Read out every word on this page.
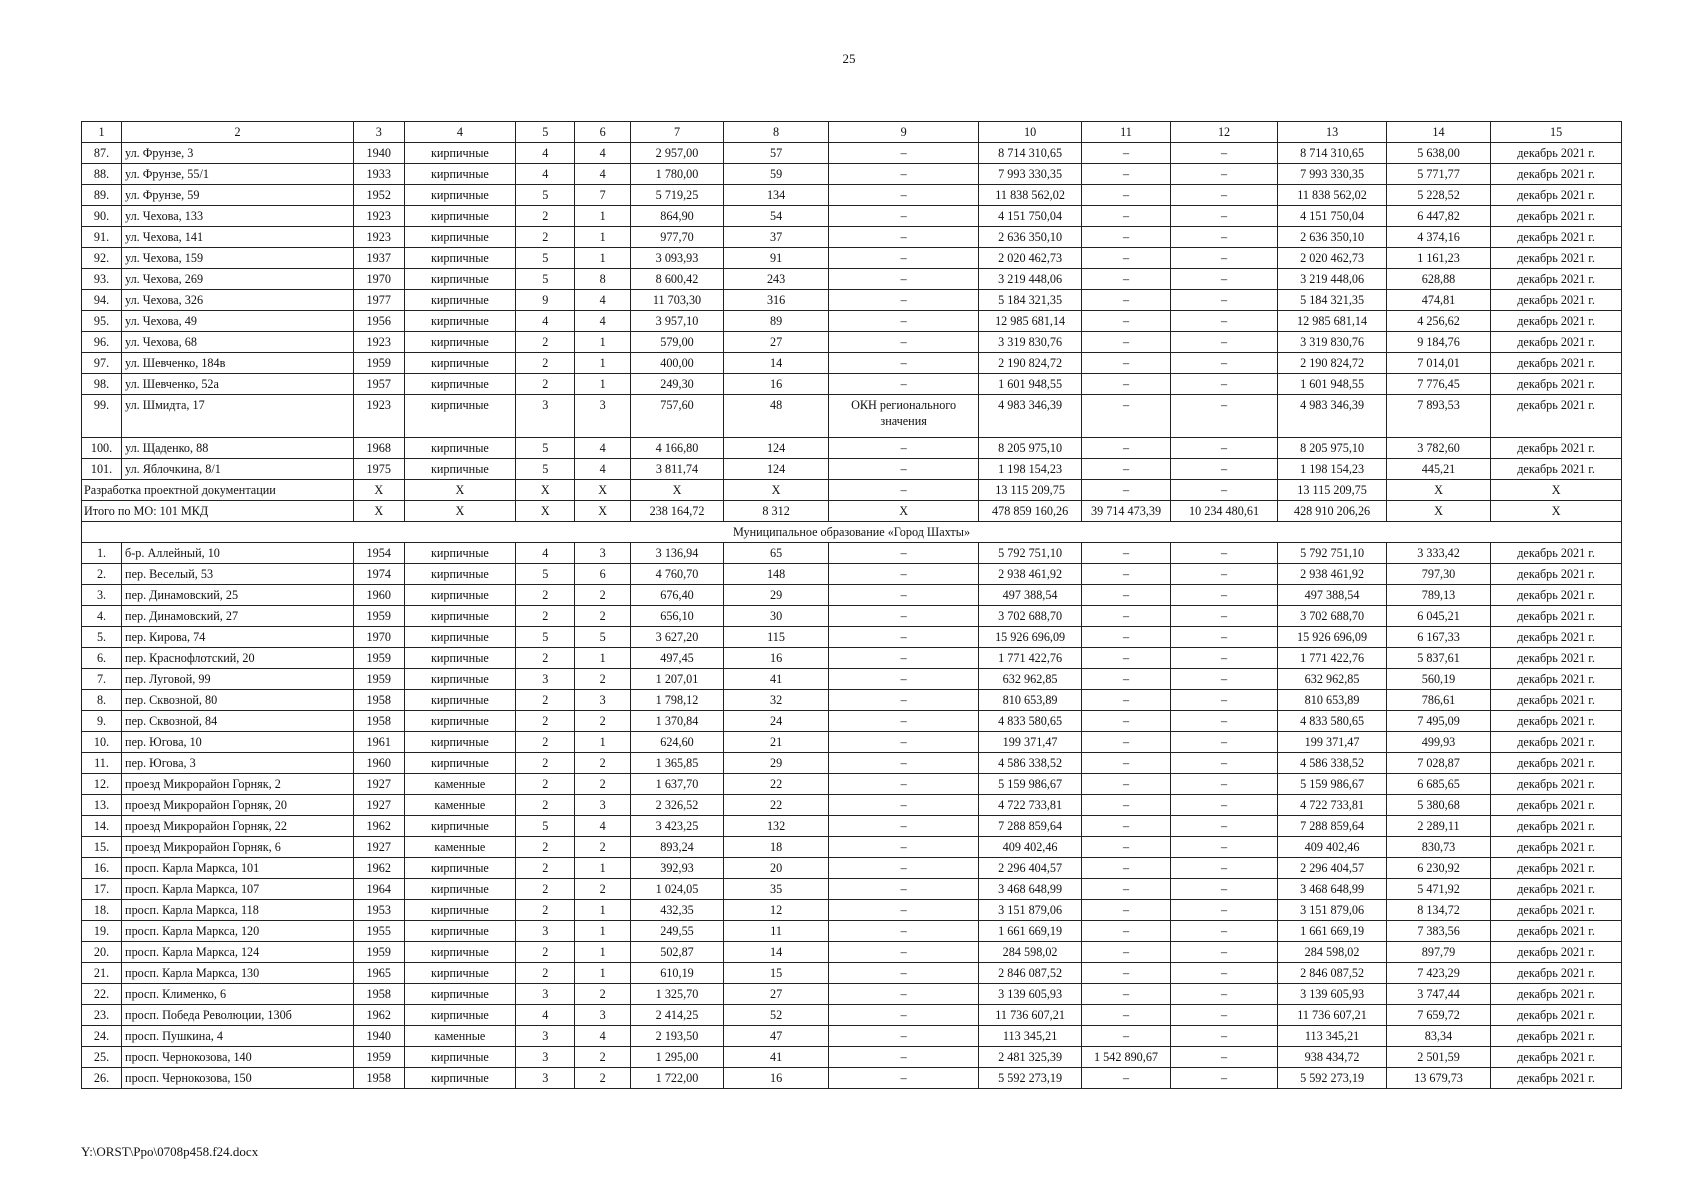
25
1	2	3	4	5	6	7	8	9	10	11	12	13	14	15
87.	ул. Фрунзе, 3	1940	кирпичные	4	4	2 957,00	57	–	8 714 310,65	–	–	8 714 310,65	5 638,00	декабрь 2021 г.
88.	ул. Фрунзе, 55/1	1933	кирпичные	4	4	1 780,00	59	–	7 993 330,35	–	–	7 993 330,35	5 771,77	декабрь 2021 г.
89.	ул. Фрунзе, 59	1952	кирпичные	5	7	5 719,25	134	–	11 838 562,02	–	–	11 838 562,02	5 228,52	декабрь 2021 г.
90.	ул. Чехова, 133	1923	кирпичные	2	1	864,90	54	–	4 151 750,04	–	–	4 151 750,04	6 447,82	декабрь 2021 г.
91.	ул. Чехова, 141	1923	кирпичные	2	1	977,70	37	–	2 636 350,10	–	–	2 636 350,10	4 374,16	декабрь 2021 г.
92.	ул. Чехова, 159	1937	кирпичные	5	1	3 093,93	91	–	2 020 462,73	–	–	2 020 462,73	1 161,23	декабрь 2021 г.
93.	ул. Чехова, 269	1970	кирпичные	5	8	8 600,42	243	–	3 219 448,06	–	–	3 219 448,06	628,88	декабрь 2021 г.
94.	ул. Чехова, 326	1977	кирпичные	9	4	11 703,30	316	–	5 184 321,35	–	–	5 184 321,35	474,81	декабрь 2021 г.
95.	ул. Чехова, 49	1956	кирпичные	4	4	3 957,10	89	–	12 985 681,14	–	–	12 985 681,14	4 256,62	декабрь 2021 г.
96.	ул. Чехова, 68	1923	кирпичные	2	1	579,00	27	–	3 319 830,76	–	–	3 319 830,76	9 184,76	декабрь 2021 г.
97.	ул. Шевченко, 184в	1959	кирпичные	2	1	400,00	14	–	2 190 824,72	–	–	2 190 824,72	7 014,01	декабрь 2021 г.
98.	ул. Шевченко, 52а	1957	кирпичные	2	1	249,30	16	–	1 601 948,55	–	–	1 601 948,55	7 776,45	декабрь 2021 г.
99.	ул. Шмидта, 17	1923	кирпичные	3	3	757,60	48	ОКН регионального значения	4 983 346,39	–	–	4 983 346,39	7 893,53	декабрь 2021 г.
100.	ул. Щаденко, 88	1968	кирпичные	5	4	4 166,80	124	–	8 205 975,10	–	–	8 205 975,10	3 782,60	декабрь 2021 г.
101.	ул. Яблочкина, 8/1	1975	кирпичные	5	4	3 811,74	124	–	1 198 154,23	–	–	1 198 154,23	445,21	декабрь 2021 г.
Разработка проектной документации		Х	Х	Х	Х	Х	Х	–	13 115 209,75	–	–	13 115 209,75	Х	Х
Итого по МО: 101 МКД		Х	Х	Х	Х	238 164,72	8 312	Х	478 859 160,26	39 714 473,39	10 234 480,61	428 910 206,26	Х	Х
Муниципальное образование «Город Шахты»														
1.	б-р. Аллейный, 10	1954	кирпичные	4	3	3 136,94	65	–	5 792 751,10	–	–	5 792 751,10	3 333,42	декабрь 2021 г.
2.	пер. Веселый, 53	1974	кирпичные	5	6	4 760,70	148	–	2 938 461,92	–	–	2 938 461,92	797,30	декабрь 2021 г.
3.	пер. Динамовский, 25	1960	кирпичные	2	2	676,40	29	–	497 388,54	–	–	497 388,54	789,13	декабрь 2021 г.
4.	пер. Динамовский, 27	1959	кирпичные	2	2	656,10	30	–	3 702 688,70	–	–	3 702 688,70	6 045,21	декабрь 2021 г.
5.	пер. Кирова, 74	1970	кирпичные	5	5	3 627,20	115	–	15 926 696,09	–	–	15 926 696,09	6 167,33	декабрь 2021 г.
6.	пер. Краснофлотский, 20	1959	кирпичные	2	1	497,45	16	–	1 771 422,76	–	–	1 771 422,76	5 837,61	декабрь 2021 г.
7.	пер. Луговой, 99	1959	кирпичные	3	2	1 207,01	41	–	632 962,85	–	–	632 962,85	560,19	декабрь 2021 г.
8.	пер. Сквозной, 80	1958	кирпичные	2	3	1 798,12	32	–	810 653,89	–	–	810 653,89	786,61	декабрь 2021 г.
9.	пер. Сквозной, 84	1958	кирпичные	2	2	1 370,84	24	–	4 833 580,65	–	–	4 833 580,65	7 495,09	декабрь 2021 г.
10.	пер. Югова, 10	1961	кирпичные	2	1	624,60	21	–	199 371,47	–	–	199 371,47	499,93	декабрь 2021 г.
11.	пер. Югова, 3	1960	кирпичные	2	2	1 365,85	29	–	4 586 338,52	–	–	4 586 338,52	7 028,87	декабрь 2021 г.
12.	проезд Микрорайон Горняк, 2	1927	каменные	2	2	1 637,70	22	–	5 159 986,67	–	–	5 159 986,67	6 685,65	декабрь 2021 г.
13.	проезд Микрорайон Горняк, 20	1927	каменные	2	3	2 326,52	22	–	4 722 733,81	–	–	4 722 733,81	5 380,68	декабрь 2021 г.
14.	проезд Микрорайон Горняк, 22	1962	кирпичные	5	4	3 423,25	132	–	7 288 859,64	–	–	7 288 859,64	2 289,11	декабрь 2021 г.
15.	проезд Микрорайон Горняк, 6	1927	каменные	2	2	893,24	18	–	409 402,46	–	–	409 402,46	830,73	декабрь 2021 г.
16.	просп. Карла Маркса, 101	1962	кирпичные	2	1	392,93	20	–	2 296 404,57	–	–	2 296 404,57	6 230,92	декабрь 2021 г.
17.	просп. Карла Маркса, 107	1964	кирпичные	2	2	1 024,05	35	–	3 468 648,99	–	–	3 468 648,99	5 471,92	декабрь 2021 г.
18.	просп. Карла Маркса, 118	1953	кирпичные	2	1	432,35	12	–	3 151 879,06	–	–	3 151 879,06	8 134,72	декабрь 2021 г.
19.	просп. Карла Маркса, 120	1955	кирпичные	3	1	249,55	11	–	1 661 669,19	–	–	1 661 669,19	7 383,56	декабрь 2021 г.
20.	просп. Карла Маркса, 124	1959	кирпичные	2	1	502,87	14	–	284 598,02	–	–	284 598,02	897,79	декабрь 2021 г.
21.	просп. Карла Маркса, 130	1965	кирпичные	2	1	610,19	15	–	2 846 087,52	–	–	2 846 087,52	7 423,29	декабрь 2021 г.
22.	просп. Клименко, 6	1958	кирпичные	3	2	1 325,70	27	–	3 139 605,93	–	–	3 139 605,93	3 747,44	декабрь 2021 г.
23.	просп. Победа Революции, 130б	1962	кирпичные	4	3	2 414,25	52	–	11 736 607,21	–	–	11 736 607,21	7 659,72	декабрь 2021 г.
24.	просп. Пушкина, 4	1940	каменные	3	4	2 193,50	47	–	113 345,21	–	–	113 345,21	83,34	декабрь 2021 г.
25.	просп. Чернокозова, 140	1959	кирпичные	3	2	1 295,00	41	–	2 481 325,39	1 542 890,67	–	938 434,72	2 501,59	декабрь 2021 г.
26.	просп. Чернокозова, 150	1958	кирпичные	3	2	1 722,00	16	–	5 592 273,19	–	–	5 592 273,19	13 679,73	декабрь 2021 г.
Y:\ORST\Ppo\0708p458.f24.docx
